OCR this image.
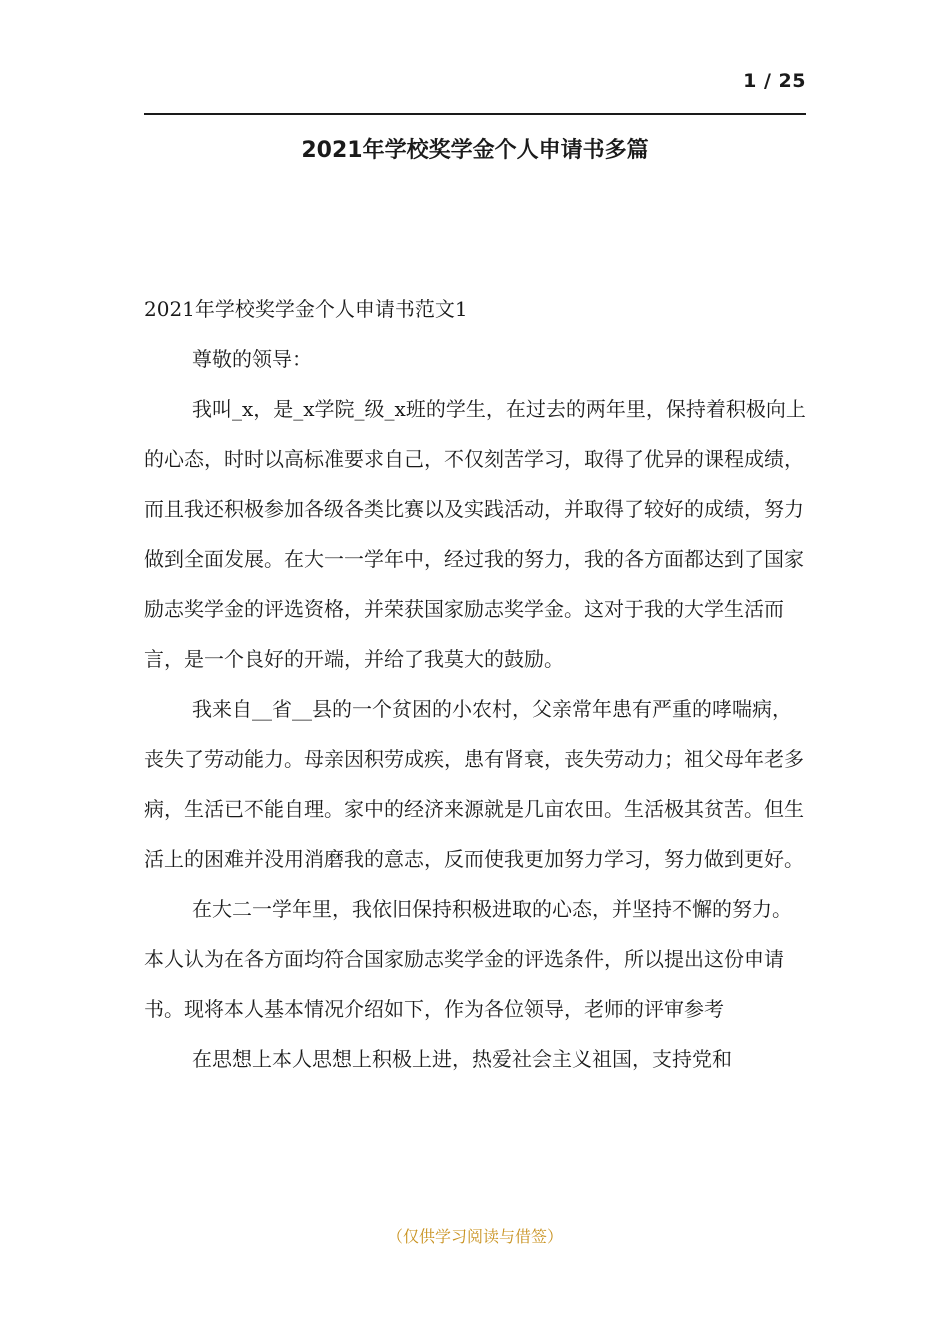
1 / 25
2021年学校奖学金个人申请书多篇

2021年学校奖学金个人申请书范文1

尊敬的领导：

我叫_x，是_x学院_级_x班的学生，在过去的两年里，保持着积极向上的心态，时时以高标准要求自己，不仅刻苦学习，取得了优异的课程成绩，而且我还积极参加各级各类比赛以及实践活动，并取得了较好的成绩，努力做到全面发展。在大一一学年中，经过我的努力，我的各方面都达到了国家励志奖学金的评选资格，并荣获国家励志奖学金。这对于我的大学生活而言，是一个良好的开端，并给了我莫大的鼓励。

我来自__省__县的一个贫困的小农村，父亲常年患有严重的哮喘病，丧失了劳动能力。母亲因积劳成疾，患有肾衰，丧失劳动力；祖父母年老多病，生活已不能自理。家中的经济来源就是几亩农田。生活极其贫苦。但生活上的困难并没用消磨我的意志，反而使我更加努力学习，努力做到更好。

在大二一学年里，我依旧保持积极进取的心态，并坚持不懈的努力。本人认为在各方面均符合国家励志奖学金的评选条件，所以提出这份申请书。现将本人基本情况介绍如下，作为各位领导，老师的评审参考

在思想上本人思想上积极上进，热爱社会主义祖国，支持党和

（仅供学习阅读与借签）
